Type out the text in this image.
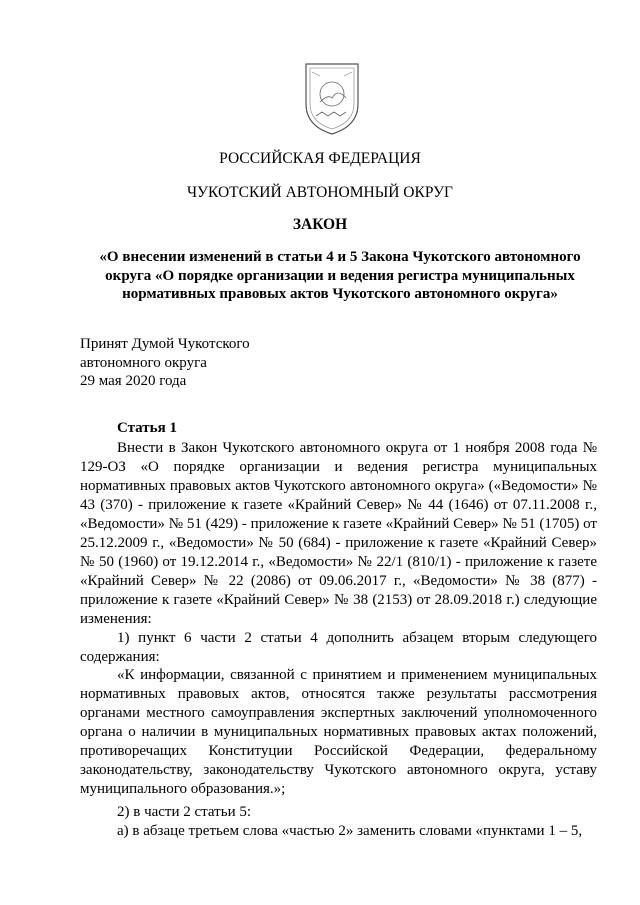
РОССИЙСКАЯ ФЕДЕРАЦИЯ
ЧУКОТСКИЙ АВТОНОМНЫЙ ОКРУГ
ЗАКОН
«О внесении изменений в статьи 4 и 5 Закона Чукотского автономного округа «О порядке организации и ведения регистра муниципальных нормативных правовых актов Чукотского автономного округа»
Принят Думой Чукотского
автономного округа
29 мая 2020 года
Статья 1
Внести в Закон Чукотского автономного округа от 1 ноября 2008 года № 129-ОЗ «О порядке организации и ведения регистра муниципальных нормативных правовых актов Чукотского автономного округа» («Ведомости» № 43 (370) - приложение к газете «Крайний Север» № 44 (1646) от 07.11.2008 г., «Ведомости» № 51 (429) - приложение к газете «Крайний Север» № 51 (1705) от 25.12.2009 г., «Ведомости» № 50 (684) - приложение к газете «Крайний Север» № 50 (1960) от 19.12.2014 г., «Ведомости» № 22/1 (810/1) - приложение к газете «Крайний Север» № 22 (2086) от 09.06.2017 г., «Ведомости» № 38 (877) - приложение к газете «Крайний Север» № 38 (2153) от 28.09.2018 г.) следующие изменения:
1) пункт 6 части 2 статьи 4 дополнить абзацем вторым следующего содержания:
«К информации, связанной с принятием и применением муниципальных нормативных правовых актов, относятся также результаты рассмотрения органами местного самоуправления экспертных заключений уполномоченного органа о наличии в муниципальных нормативных правовых актах положений, противоречащих Конституции Российской Федерации, федеральному законодательству, законодательству Чукотского автономного округа, уставу муниципального образования.»;
2) в части 2 статьи 5:
а) в абзаце третьем слова «частью 2» заменить словами «пунктами 1 – 5,
